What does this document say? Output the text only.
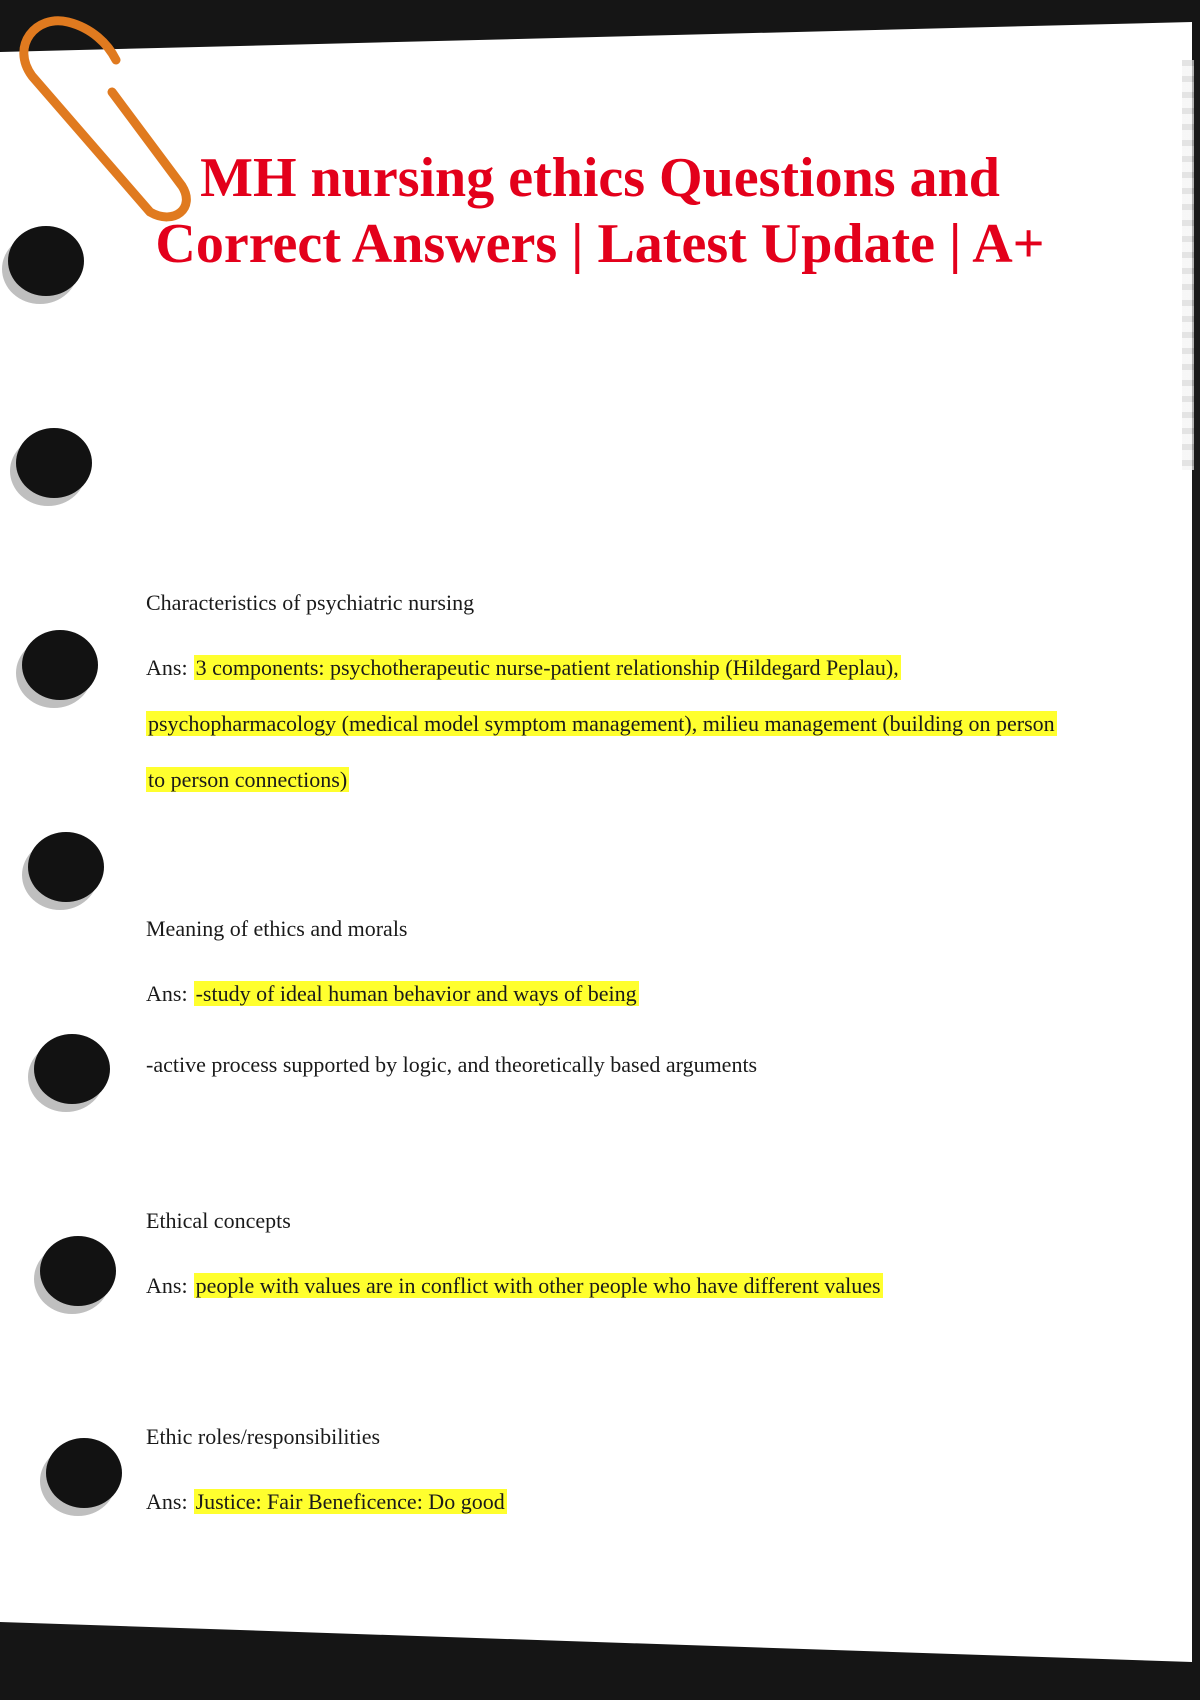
MH nursing ethics Questions and Correct Answers | Latest Update | A+

Characteristics of psychiatric nursing

Ans: 3 components: psychotherapeutic nurse-patient relationship (Hildegard Peplau), psychopharmacology (medical model symptom management), milieu management (building on person to person connections)

Meaning of ethics and morals

Ans: -study of ideal human behavior and ways of being

-active process supported by logic, and theoretically based arguments

Ethical concepts

Ans: people with values are in conflict with other people who have different values

Ethic roles/responsibilities

Ans: Justice: Fair Beneficence: Do good
